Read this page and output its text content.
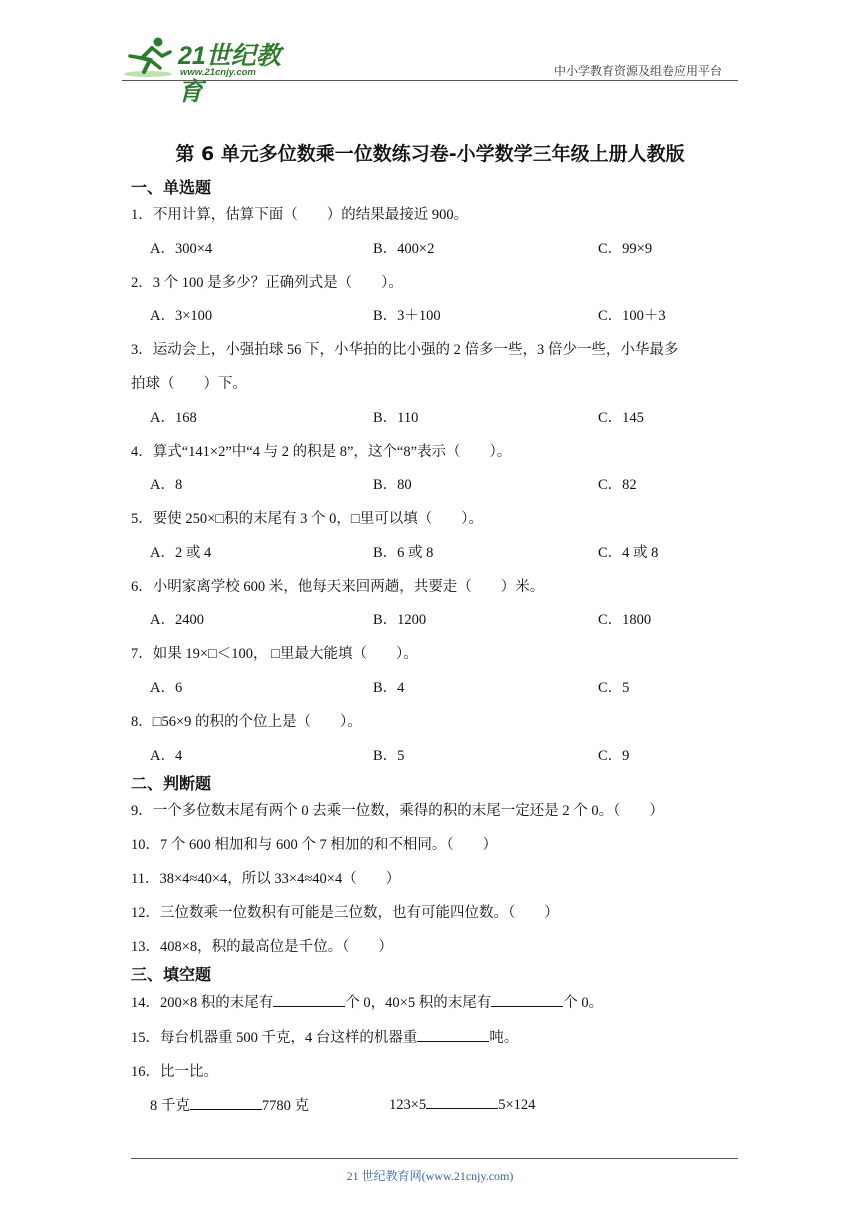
21世纪教育
www.21cnjy.com	中小学教育资源及组卷应用平台
第 6 单元多位数乘一位数练习卷-小学数学三年级上册人教版
一、单选题
1．不用计算，估算下面（　　）的结果最接近 900。
A．300×4	B．400×2	C．99×9
2．3 个 100 是多少？正确列式是（　　）。
A．3×100	B．3＋100	C．100＋3
3．运动会上，小强拍球 56 下，小华拍的比小强的 2 倍多一些，3 倍少一些，小华最多
拍球（　　）下。
A．168	B．110	C．145
4．算式“141×2”中“4 与 2 的积是 8”，这个“8”表示（　　）。
A．8	B．80	C．82
5．要使 250×□积的末尾有 3 个 0，□里可以填（　　）。
A．2 或 4	B．6 或 8	C．4 或 8
6．小明家离学校 600 米，他每天来回两趟，共要走（　　）米。
A．2400	B．1200	C．1800
7．如果 19×□＜100， □里最大能填（　　）。
A．6	B．4	C．5
8．□56×9 的积的个位上是（　　）。
A．4	B．5	C．9
二、判断题
9．一个多位数末尾有两个 0 去乘一位数，乘得的积的末尾一定还是 2 个 0。（　　）
10．7 个 600 相加和与 600 个 7 相加的和不相同。（　　）
11．38×4≈40×4，所以 33×4≈40×4（　　）
12．三位数乘一位数积有可能是三位数，也有可能四位数。（　　）
13．408×8，积的最高位是千位。（　　）
三、填空题
14．200×8 积的末尾有	个 0，40×5 积的末尾有	个 0。
15．每台机器重 500 千克，4 台这样的机器重	吨。
16．比一比。
8 千克	7780 克	123×5	5×124
21 世纪教育网(www.21cnjy.com)
